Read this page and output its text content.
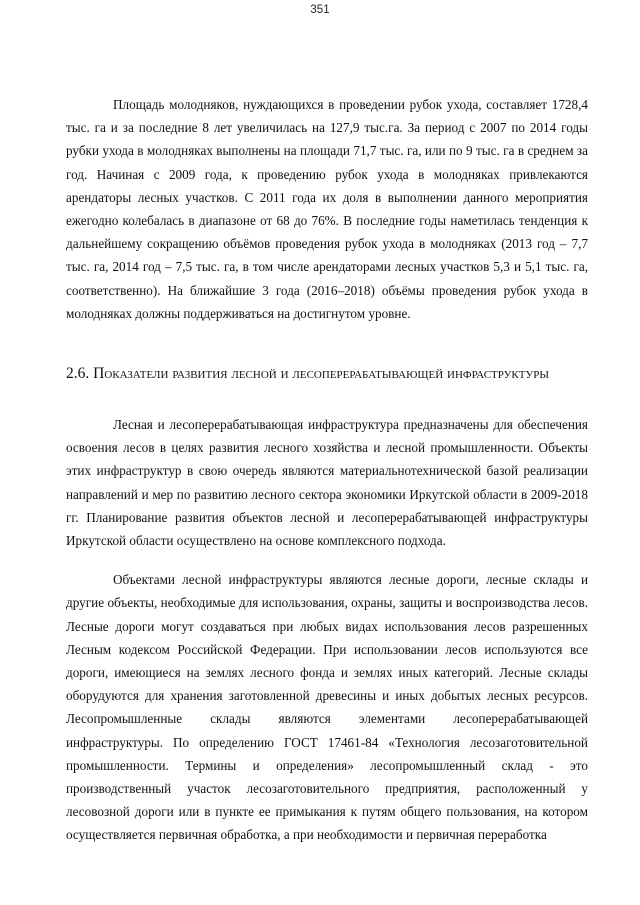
351

Площадь молодняков, нуждающихся в проведении рубок ухода, составляет 1728,4 тыс. га и за последние 8 лет увеличилась на 127,9 тыс.га. За период с 2007 по 2014 годы рубки ухода в молодняках выполнены на площади 71,7 тыс. га, или по 9 тыс. га в среднем за год. Начиная с 2009 года, к проведению рубок ухода в молодняках привлекаются арендаторы лесных участков. С 2011 года их доля в выполнении данного мероприятия ежегодно колебалась в диапазоне от 68 до 76%. В последние годы наметилась тенденция к дальнейшему сокращению объёмов проведения рубок ухода в молодняках (2013 год – 7,7 тыс. га, 2014 год – 7,5 тыс. га, в том числе арендаторами лесных участков 5,3 и 5,1 тыс. га, соответственно). На ближайшие 3 года (2016–2018) объёмы проведения рубок ухода в молодняках должны поддерживаться на достигнутом уровне.

2.6. Показатели развития лесной и лесоперерабатывающей инфраструктуры

Лесная и лесоперерабатывающая инфраструктура предназначены для обеспечения освоения лесов в целях развития лесного хозяйства и лесной промышленности. Объекты этих инфраструктур в свою очередь являются материальнотехнической базой реализации направлений и мер по развитию лесного сектора экономики Иркутской области в 2009-2018 гг. Планирование развития объектов лесной и лесоперерабатывающей инфраструктуры Иркутской области осуществлено на основе комплексного подхода.

Объектами лесной инфраструктуры являются лесные дороги, лесные склады и другие объекты, необходимые для использования, охраны, защиты и воспроизводства лесов. Лесные дороги могут создаваться при любых видах использования лесов разрешенных Лесным кодексом Российской Федерации. При использовании лесов используются все дороги, имеющиеся на землях лесного фонда и землях иных категорий. Лесные склады оборудуются для хранения заготовленной древесины и иных добытых лесных ресурсов. Лесопромышленные склады являются элементами лесоперерабатывающей инфраструктуры. По определению ГОСТ 17461-84 «Технология лесозаготовительной промышленности. Термины и определения» лесопромышленный склад - это производственный участок лесозаготовительного предприятия, расположенный у лесовозной дороги или в пункте ее примыкания к путям общего пользования, на котором осуществляется первичная обработка, а при необходимости и первичная переработка
